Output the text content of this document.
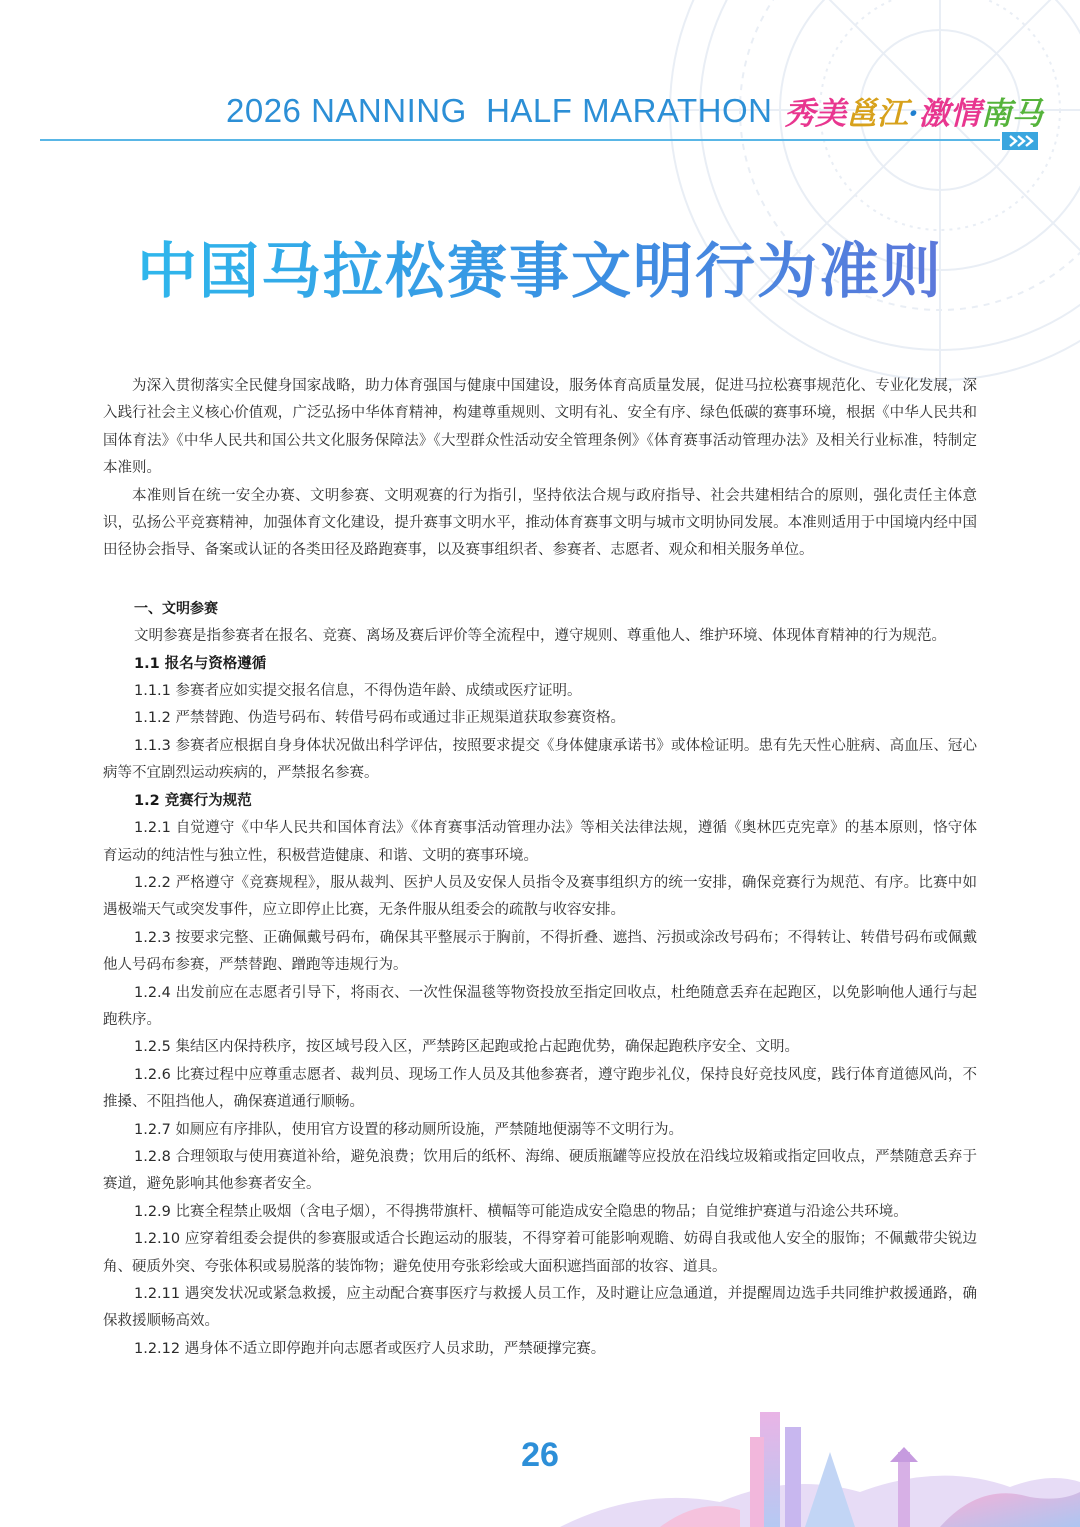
2026 NANNING  HALF MARATHON 秀美邕江·激情南马
中国马拉松赛事文明行为准则

为深入贯彻落实全民健身国家战略，助力体育强国与健康中国建设，服务体育高质量发展，促进马拉松赛事规范化、专业化发展，深入践行社会主义核心价值观，广泛弘扬中华体育精神，构建尊重规则、文明有礼、安全有序、绿色低碳的赛事环境，根据《中华人民共和国体育法》《中华人民共和国公共文化服务保障法》《大型群众性活动安全管理条例》《体育赛事活动管理办法》及相关行业标准，特制定本准则。

本准则旨在统一安全办赛、文明参赛、文明观赛的行为指引，坚持依法合规与政府指导、社会共建相结合的原则，强化责任主体意识，弘扬公平竞赛精神，加强体育文化建设，提升赛事文明水平，推动体育赛事文明与城市文明协同发展。本准则适用于中国境内经中国田径协会指导、备案或认证的各类田径及路跑赛事，以及赛事组织者、参赛者、志愿者、观众和相关服务单位。

一、文明参赛

文明参赛是指参赛者在报名、竞赛、离场及赛后评价等全流程中，遵守规则、尊重他人、维护环境、体现体育精神的行为规范。

1.1 报名与资格遵循

1.1.1 参赛者应如实提交报名信息，不得伪造年龄、成绩或医疗证明。

1.1.2 严禁替跑、伪造号码布、转借号码布或通过非正规渠道获取参赛资格。

1.1.3 参赛者应根据自身身体状况做出科学评估，按照要求提交《身体健康承诺书》或体检证明。患有先天性心脏病、高血压、冠心病等不宜剧烈运动疾病的，严禁报名参赛。

1.2 竞赛行为规范

1.2.1 自觉遵守《中华人民共和国体育法》《体育赛事活动管理办法》等相关法律法规，遵循《奥林匹克宪章》的基本原则，恪守体育运动的纯洁性与独立性，积极营造健康、和谐、文明的赛事环境。

1.2.2 严格遵守《竞赛规程》，服从裁判、医护人员及安保人员指令及赛事组织方的统一安排，确保竞赛行为规范、有序。比赛中如遇极端天气或突发事件，应立即停止比赛，无条件服从组委会的疏散与收容安排。

1.2.3 按要求完整、正确佩戴号码布，确保其平整展示于胸前，不得折叠、遮挡、污损或涂改号码布；不得转让、转借号码布或佩戴他人号码布参赛，严禁替跑、蹭跑等违规行为。

1.2.4 出发前应在志愿者引导下，将雨衣、一次性保温毯等物资投放至指定回收点，杜绝随意丢弃在起跑区，以免影响他人通行与起跑秩序。

1.2.5 集结区内保持秩序，按区域号段入区，严禁跨区起跑或抢占起跑优势，确保起跑秩序安全、文明。

1.2.6 比赛过程中应尊重志愿者、裁判员、现场工作人员及其他参赛者，遵守跑步礼仪，保持良好竞技风度，践行体育道德风尚，不推搡、不阻挡他人，确保赛道通行顺畅。

1.2.7 如厕应有序排队，使用官方设置的移动厕所设施，严禁随地便溺等不文明行为。

1.2.8 合理领取与使用赛道补给，避免浪费；饮用后的纸杯、海绵、硬质瓶罐等应投放在沿线垃圾箱或指定回收点，严禁随意丢弃于赛道，避免影响其他参赛者安全。

1.2.9 比赛全程禁止吸烟（含电子烟），不得携带旗杆、横幅等可能造成安全隐患的物品；自觉维护赛道与沿途公共环境。

1.2.10 应穿着组委会提供的参赛服或适合长跑运动的服装，不得穿着可能影响观瞻、妨碍自我或他人安全的服饰；不佩戴带尖锐边角、硬质外突、夸张体积或易脱落的装饰物；避免使用夸张彩绘或大面积遮挡面部的妆容、道具。

1.2.11 遇突发状况或紧急救援，应主动配合赛事医疗与救援人员工作，及时避让应急通道，并提醒周边选手共同维护救援通路，确保救援顺畅高效。

1.2.12 遇身体不适立即停跑并向志愿者或医疗人员求助，严禁硬撑完赛。

26
